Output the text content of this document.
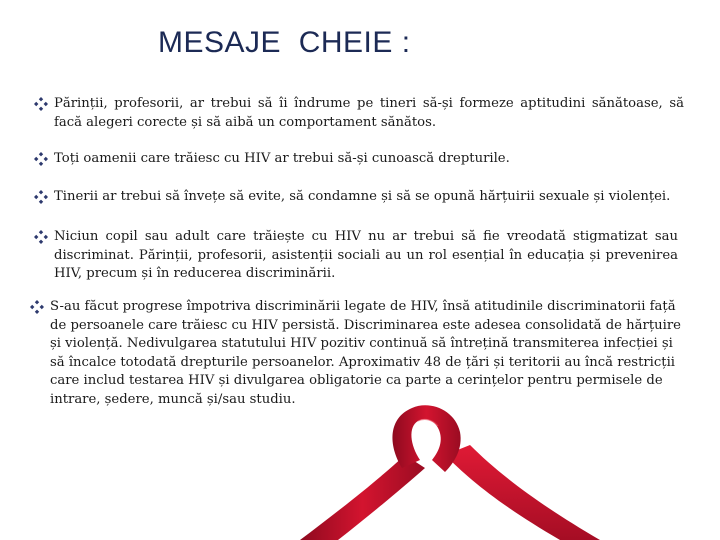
MESAJE  CHEIE :
Părinții, profesorii, ar trebui să îi îndrume pe tineri să-și formeze aptitudini sănătoase, să facă alegeri corecte și să aibă un comportament sănătos.
Toți oamenii care trăiesc cu HIV ar trebui să-și cunoască drepturile.
Tinerii ar trebui să învețe să evite, să condamne și să se opună hărțuirii sexuale și violenței.
Niciun copil sau adult care trăiește cu HIV nu ar trebui să fie vreodată stigmatizat sau discriminat. Părinții, profesorii, asistenții sociali au un rol esențial în educația și prevenirea HIV, precum și în reducerea discriminării.
S-au făcut progrese împotriva discriminării legate de HIV, însă atitudinile discriminatorii față de persoanele care trăiesc cu HIV persistă. Discriminarea este adesea consolidată de hărțuire și violență. Nedivulgarea statutului HIV pozitiv continuă să întrețină transmiterea infecției și să încalce totodată drepturile persoanelor. Aproximativ 48 de țări și teritorii au încă restricții care includ testarea HIV și divulgarea obligatorie ca parte a cerințelor pentru permisele de intrare, ședere, muncă și/sau studiu.
